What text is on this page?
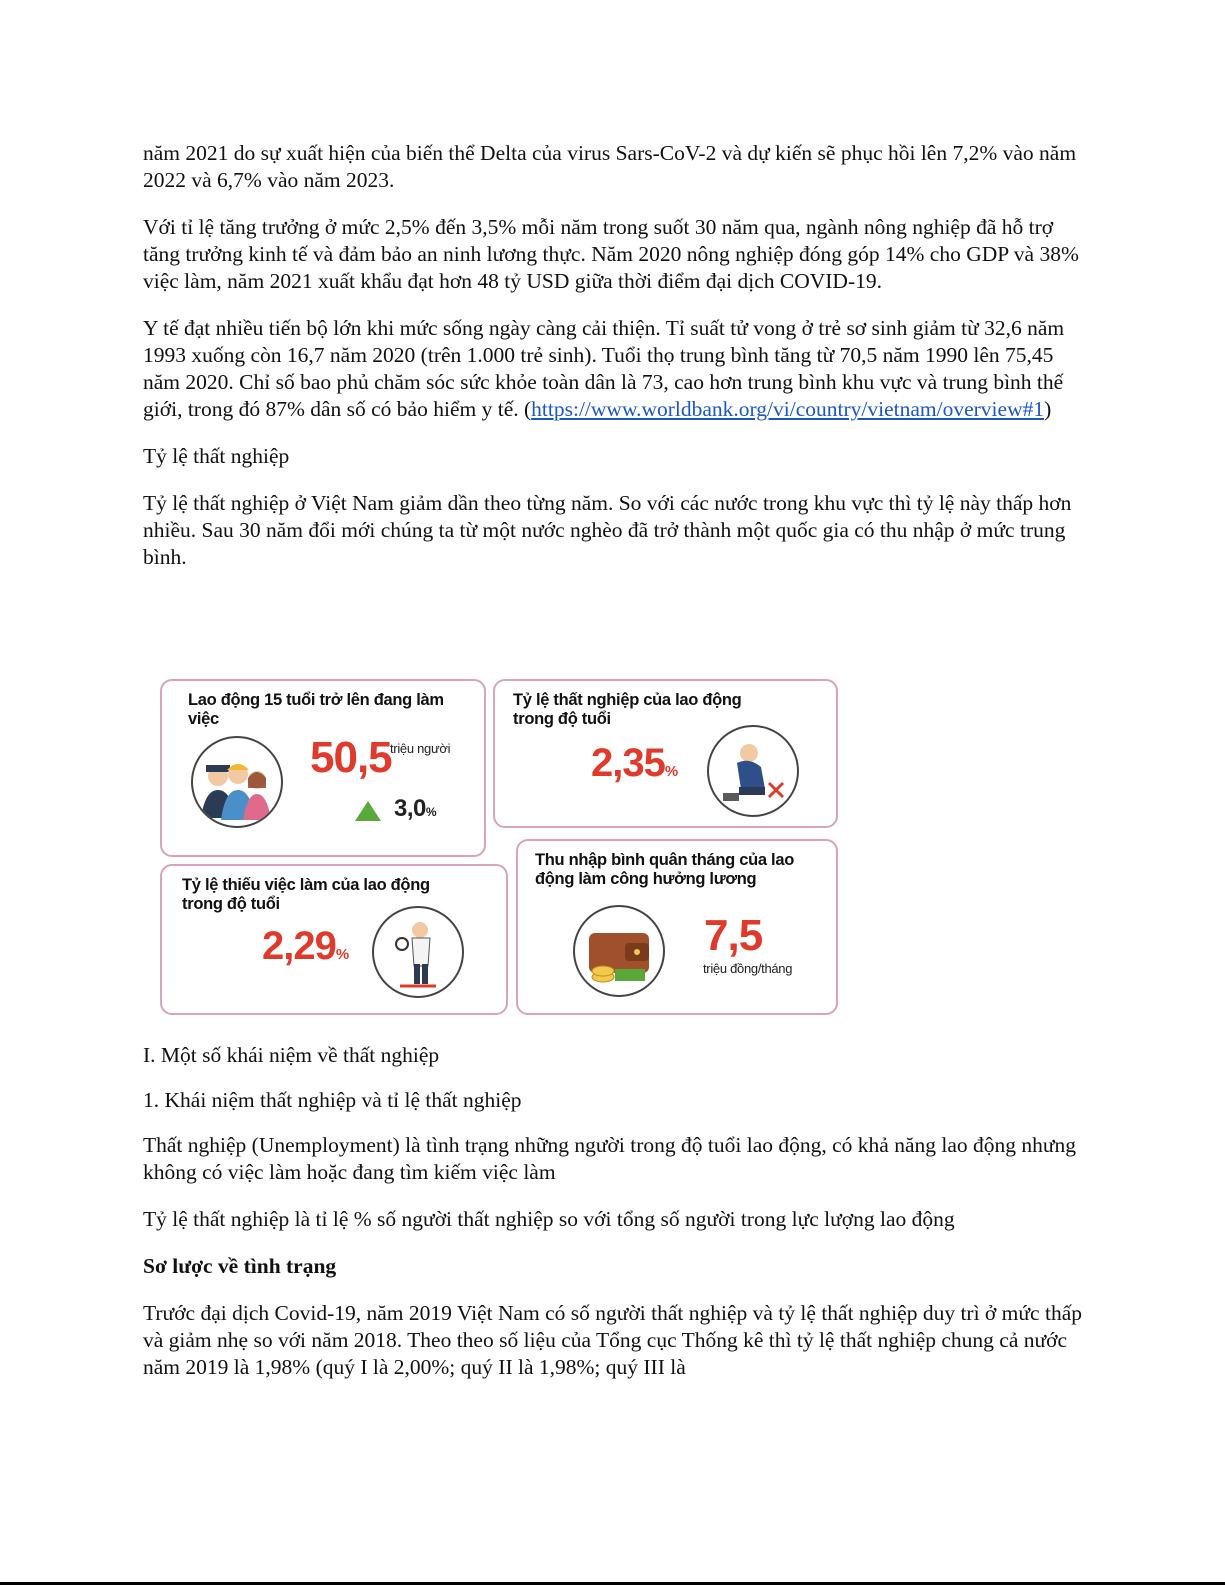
năm 2021 do sự xuất hiện của biến thể Delta của virus Sars-CoV-2 và dự kiến sẽ phục hồi lên 7,2% vào năm 2022 và 6,7% vào năm 2023.

Với tỉ lệ tăng trưởng ở mức 2,5% đến 3,5% mỗi năm trong suốt 30 năm qua, ngành nông nghiệp đã hỗ trợ tăng trưởng kinh tế và đảm bảo an ninh lương thực. Năm 2020 nông nghiệp đóng góp 14% cho GDP và 38% việc làm, năm 2021 xuất khẩu đạt hơn 48 tỷ USD giữa thời điểm đại dịch COVID-19.

Y tế đạt nhiều tiến bộ lớn khi mức sống ngày càng cải thiện. Tỉ suất tử vong ở trẻ sơ sinh giảm từ 32,6 năm 1993 xuống còn 16,7 năm 2020 (trên 1.000 trẻ sinh). Tuổi thọ trung bình tăng từ 70,5 năm 1990 lên 75,45 năm 2020. Chỉ số bao phủ chăm sóc sức khỏe toàn dân là 73, cao hơn trung bình khu vực và trung bình thế giới, trong đó 87% dân số có bảo hiểm y tế. (https://www.worldbank.org/vi/country/vietnam/overview#1)

Tỷ lệ thất nghiệp

Tỷ lệ thất nghiệp ở Việt Nam giảm dần theo từng năm. So với các nước trong khu vực thì tỷ lệ này thấp hơn nhiều. Sau 30 năm đổi mới chúng ta từ một nước nghèo đã trở thành một quốc gia có thu nhập ở mức trung bình.

Lao động 15 tuổi trở lên đang làm việc
50,5
triệu người
3,0%
Tỷ lệ thất nghiệp của lao động trong độ tuổi
2,35%
Tỷ lệ thiếu việc làm của lao động trong độ tuổi
2,29%
Thu nhập bình quân tháng của lao động làm công hưởng lương
7,5
triệu đồng/tháng

I. Một số khái niệm về thất nghiệp

1. Khái niệm thất nghiệp và tỉ lệ thất nghiệp

Thất nghiệp (Unemployment) là tình trạng những người trong độ tuổi lao động, có khả năng lao động nhưng không có việc làm hoặc đang tìm kiếm việc làm

Tỷ lệ thất nghiệp là tỉ lệ % số người thất nghiệp so với tổng số người trong lực lượng lao động

Sơ lược về tình trạng

Trước đại dịch Covid-19, năm 2019 Việt Nam có số người thất nghiệp và tỷ lệ thất nghiệp duy trì ở mức thấp và giảm nhẹ so với năm 2018. Theo theo số liệu của Tổng cục Thống kê thì tỷ lệ thất nghiệp chung cả nước năm 2019 là 1,98% (quý I là 2,00%; quý II là 1,98%; quý III là
